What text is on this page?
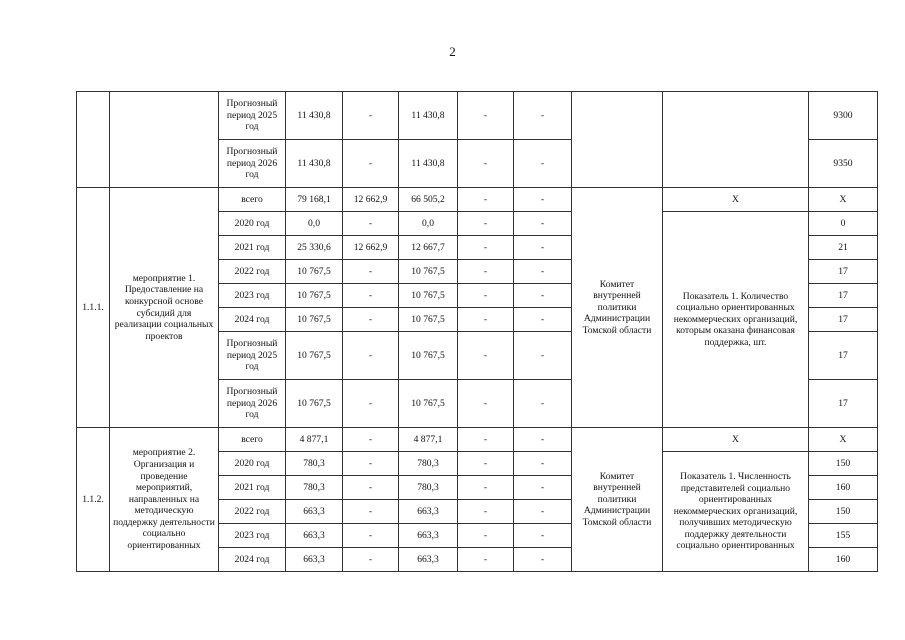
2
		Прогнозный период 2025 год	11 430,8	-	11 430,8	-	-			9300
		Прогнозный период 2026 год	11 430,8	-	11 430,8	-	-			9350
1.1.1.	мероприятие 1. Предоставление на конкурсной основе субсидий для реализации социальных проектов	всего	79 168,1	12 662,9	66 505,2	-	-	Комитет внутренней политики Администрации Томской области	Х	Х
		2020 год	0,0	-	0,0	-	-		Показатель 1. Количество социально ориентированных некоммерческих организаций, которым оказана финансовая поддержка, шт.	0
		2021 год	25 330,6	12 662,9	12 667,7	-	-			21
		2022 год	10 767,5	-	10 767,5	-	-			17
		2023 год	10 767,5	-	10 767,5	-	-			17
		2024 год	10 767,5	-	10 767,5	-	-			17
		Прогнозный период 2025 год	10 767,5	-	10 767,5	-	-			17
		Прогнозный период 2026 год	10 767,5	-	10 767,5	-	-			17
1.1.2.	мероприятие 2. Организация и проведение мероприятий, направленных на методическую поддержку деятельности социально ориентированных	всего	4 877,1	-	4 877,1	-	-	Комитет внутренней политики Администрации Томской области	Х	Х
		2020 год	780,3	-	780,3	-	-		Показатель 1. Численность представителей социально ориентированных некоммерческих организаций, получивших методическую поддержку деятельности социально ориентированных	150
		2021 год	780,3	-	780,3	-	-			160
		2022 год	663,3	-	663,3	-	-			150
		2023 год	663,3	-	663,3	-	-			155
		2024 год	663,3	-	663,3	-	-			160
